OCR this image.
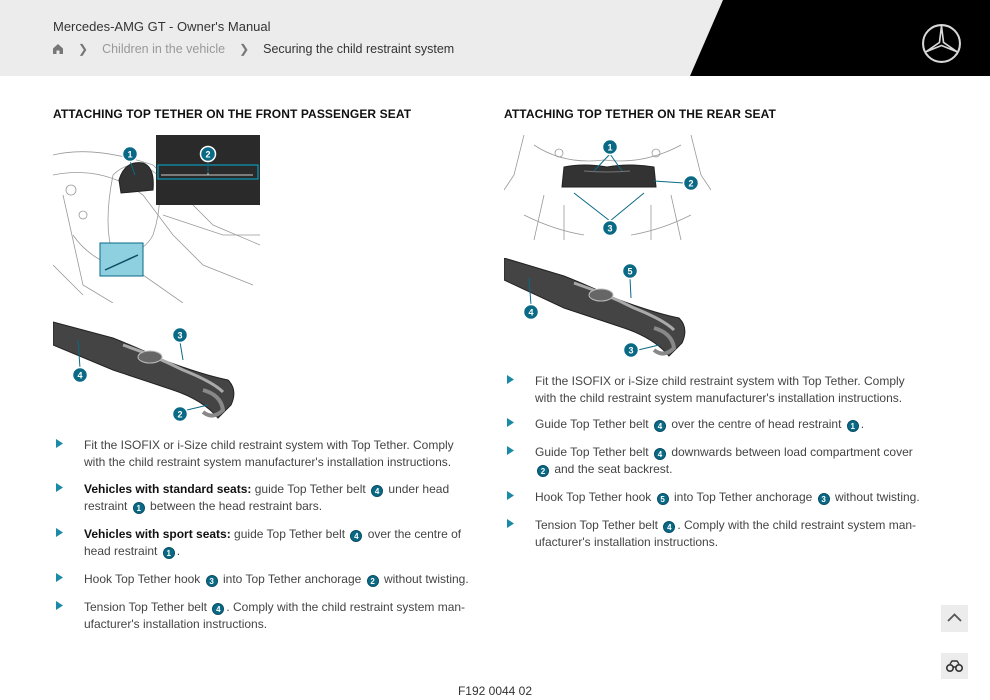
Mercedes-AMG GT - Owner's Manual
❯ Children in the vehicle ❯ Securing the child restraint system
ATTACHING TOP TETHER ON THE FRONT PASSENGER SEAT
1	2
3
4
2
Fit the ISOFIX or i-Size child restraint system with Top Tether. Comply with the child restraint system manufacturer's installation instructions.
Vehicles with standard seats: guide Top Tether belt 4 under head restraint 1 between the head restraint bars.
Vehicles with sport seats: guide Top Tether belt 4 over the centre of head restraint 1 .
Hook Top Tether hook 3 into Top Tether anchorage 2 without twisting.
Tension Top Tether belt 4 . Comply with the child restraint system man-ufacturer's installation instructions.
ATTACHING TOP TETHER ON THE REAR SEAT
1
2
3
5
4
3
Fit the ISOFIX or i-Size child restraint system with Top Tether. Comply with the child restraint system manufacturer's installation instructions.
Guide Top Tether belt 4 over the centre of head restraint 1 .
Guide Top Tether belt 4 downwards between load compartment cover 2 and the seat backrest.
Hook Top Tether hook 5 into Top Tether anchorage 3 without twisting.
Tension Top Tether belt 4 . Comply with the child restraint system man-ufacturer's installation instructions.
F192 0044 02
